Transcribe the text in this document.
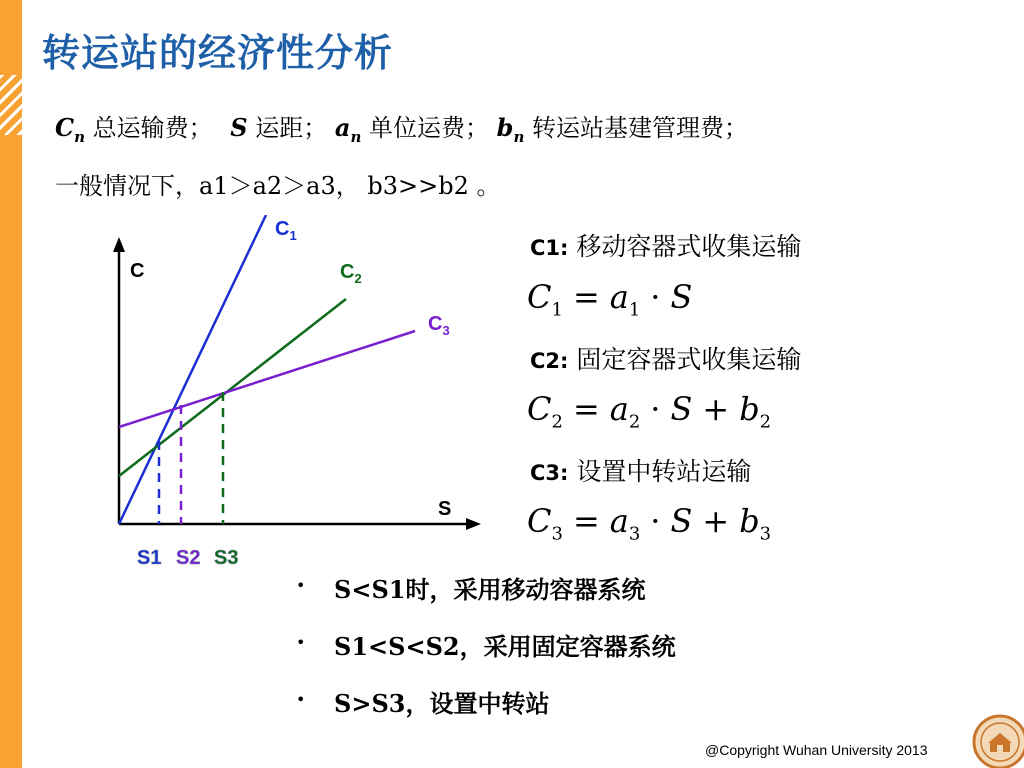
转运站的经济性分析
$C_n$ 总运输费； S 运距； $a_n$ 单位运费； $b_n$ 转运站基建管理费；
一般情况下，a1＞a2＞a3， b3>>b2 。
C
S
$C_1$
$C_2$
$C_3$
S1 S2 S3
C1: 移动容器式收集运输
$C_1 = a_1 \cdot S$
C2: 固定容器式收集运输
$C_2 = a_2 \cdot S + b_2$
C3: 设置中转站运输
$C_3 = a_3 \cdot S + b_3$
• S<S1时，采用移动容器系统
• S1<S<S2，采用固定容器系统
• S>S3，设置中转站
@Copyright Wuhan University 2013
